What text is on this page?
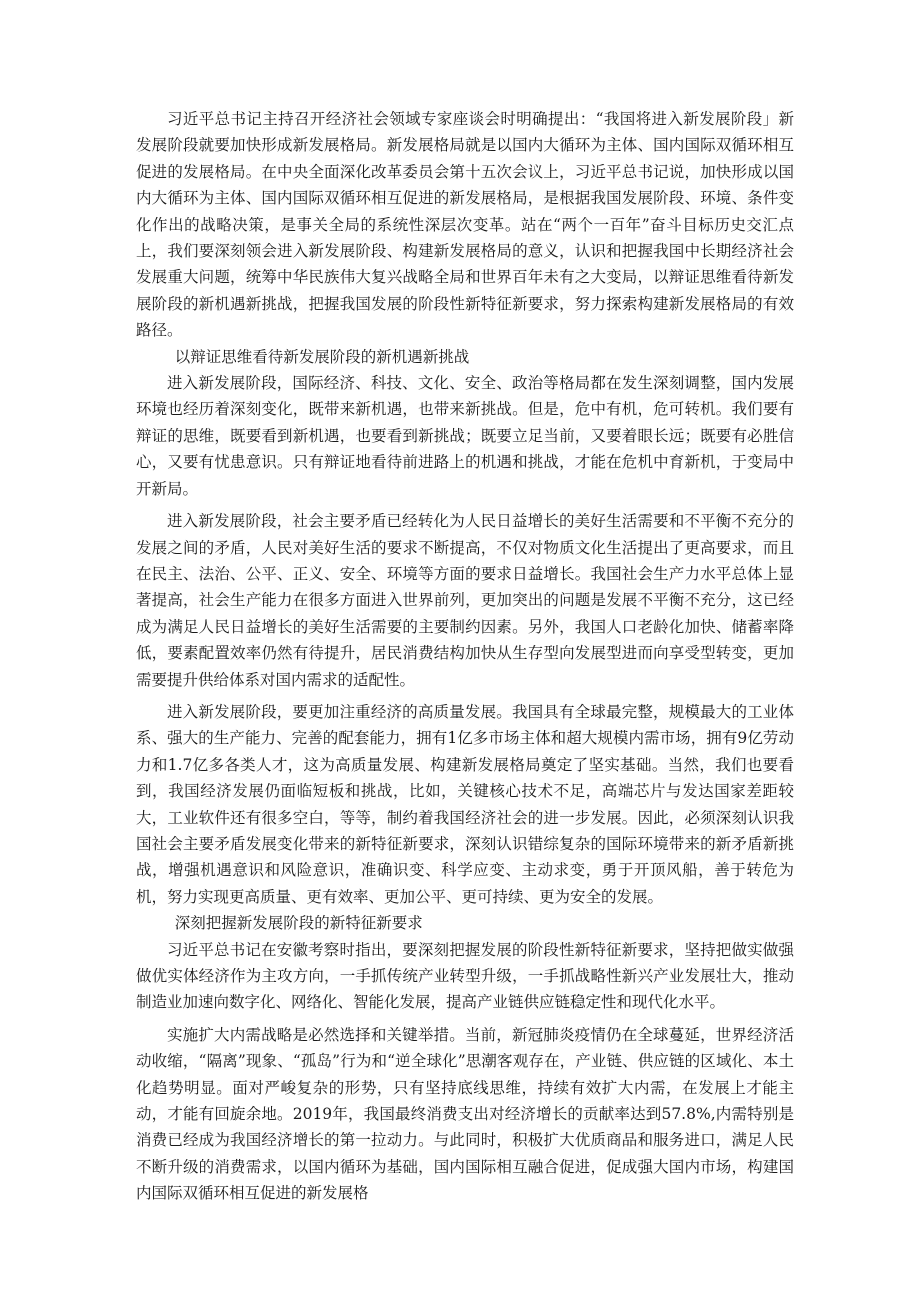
习近平总书记主持召开经济社会领域专家座谈会时明确提出：“我国将进入新发展阶段」新发展阶段就要加快形成新发展格局。新发展格局就是以国内大循环为主体、国内国际双循环相互促进的发展格局。在中央全面深化改革委员会第十五次会议上，习近平总书记说，加快形成以国内大循环为主体、国内国际双循环相互促进的新发展格局，是根据我国发展阶段、环境、条件变化作出的战略决策，是事关全局的系统性深层次变革。站在“两个一百年”奋斗目标历史交汇点上，我们要深刻领会进入新发展阶段、构建新发展格局的意义，认识和把握我国中长期经济社会发展重大问题，统筹中华民族伟大复兴战略全局和世界百年未有之大变局，以辩证思维看待新发展阶段的新机遇新挑战，把握我国发展的阶段性新特征新要求，努力探索构建新发展格局的有效路径。

以辩证思维看待新发展阶段的新机遇新挑战

进入新发展阶段，国际经济、科技、文化、安全、政治等格局都在发生深刻调整，国内发展环境也经历着深刻变化，既带来新机遇，也带来新挑战。但是，危中有机，危可转机。我们要有辩证的思维，既要看到新机遇，也要看到新挑战；既要立足当前，又要着眼长远；既要有必胜信心，又要有忧患意识。只有辩证地看待前进路上的机遇和挑战，才能在危机中育新机，于变局中开新局。

进入新发展阶段，社会主要矛盾已经转化为人民日益增长的美好生活需要和不平衡不充分的发展之间的矛盾，人民对美好生活的要求不断提高，不仅对物质文化生活提出了更高要求，而且在民主、法治、公平、正义、安全、环境等方面的要求日益增长。我国社会生产力水平总体上显著提高，社会生产能力在很多方面进入世界前列，更加突出的问题是发展不平衡不充分，这已经成为满足人民日益增长的美好生活需要的主要制约因素。另外，我国人口老龄化加快、储蓄率降低，要素配置效率仍然有待提升，居民消费结构加快从生存型向发展型进而向享受型转变，更加需要提升供给体系对国内需求的适配性。

进入新发展阶段，要更加注重经济的高质量发展。我国具有全球最完整，规模最大的工业体系、强大的生产能力、完善的配套能力，拥有1亿多市场主体和超大规模内需市场，拥有9亿劳动力和1.7亿多各类人才，这为高质量发展、构建新发展格局奠定了坚实基础。当然，我们也要看到，我国经济发展仍面临短板和挑战，比如，关键核心技术不足，高端芯片与发达国家差距较大，工业软件还有很多空白，等等，制约着我国经济社会的进一步发展。因此，必须深刻认识我国社会主要矛盾发展变化带来的新特征新要求，深刻认识错综复杂的国际环境带来的新矛盾新挑战，增强机遇意识和风险意识，准确识变、科学应变、主动求变，勇于开顶风船，善于转危为机，努力实现更高质量、更有效率、更加公平、更可持续、更为安全的发展。

深刻把握新发展阶段的新特征新要求

习近平总书记在安徽考察时指出，要深刻把握发展的阶段性新特征新要求，坚持把做实做强做优实体经济作为主攻方向，一手抓传统产业转型升级，一手抓战略性新兴产业发展壮大，推动制造业加速向数字化、网络化、智能化发展，提高产业链供应链稳定性和现代化水平。

实施扩大内需战略是必然选择和关键举措。当前，新冠肺炎疫情仍在全球蔓延，世界经济活动收缩，“隔离”现象、“孤岛”行为和“逆全球化”思潮客观存在，产业链、供应链的区域化、本土化趋势明显。面对严峻复杂的形势，只有坚持底线思维，持续有效扩大内需，在发展上才能主动，才能有回旋余地。2019年，我国最终消费支出对经济增长的贡献率达到57.8%,内需特别是消费已经成为我国经济增长的第一拉动力。与此同时，积极扩大优质商品和服务进口，满足人民不断升级的消费需求，以国内循环为基础，国内国际相互融合促进，促成强大国内市场，构建国内国际双循环相互促进的新发展格
